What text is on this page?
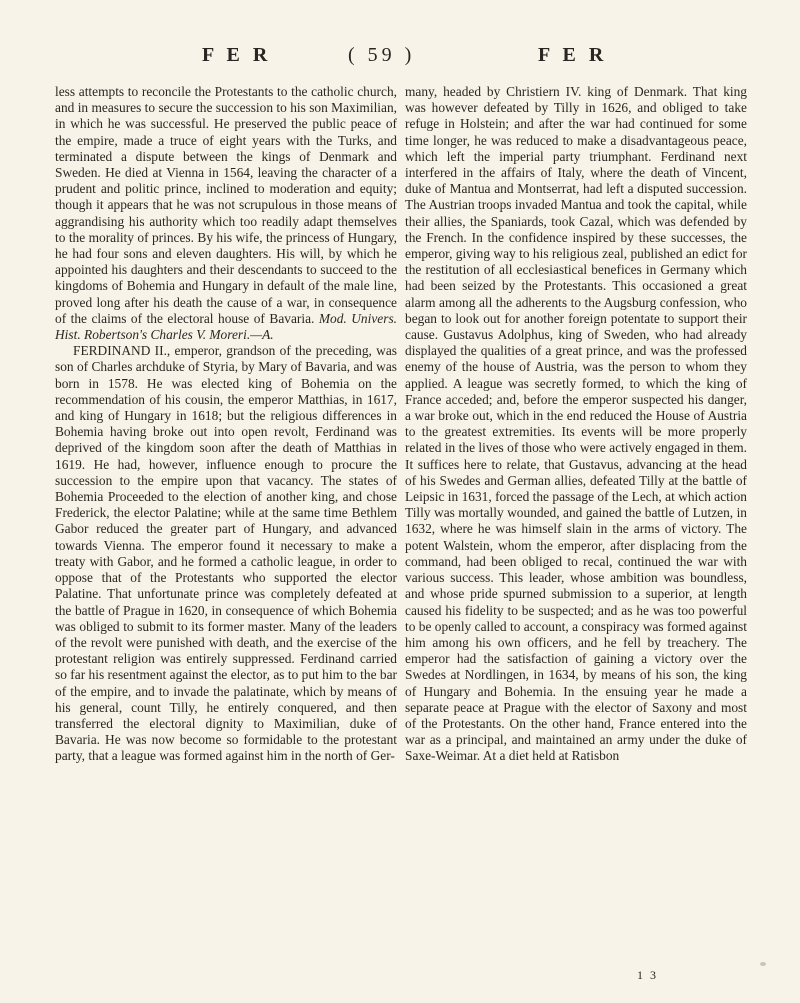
F E R	( 59 )	F E R

less attempts to reconcile the Protestants to the catholic church, and in measures to secure the succession to his son Maximilian, in which he was successful. He preserved the public peace of the empire, made a truce of eight years with the Turks, and terminated a dispute between the kings of Denmark and Sweden. He died at Vienna in 1564, leaving the character of a prudent and politic prince, inclined to moderation and equity; though it appears that he was not scrupulous in those means of aggrandising his authority which too readily adapt themselves to the morality of princes. By his wife, the princess of Hungary, he had four sons and eleven daughters. His will, by which he appointed his daughters and their descendants to succeed to the kingdoms of Bohemia and Hungary in default of the male line, proved long after his death the cause of a war, in consequence of the claims of the electoral house of Bavaria. Mod. Univers. Hist. Robertson's Charles V. Moreri.—A.

FERDINAND II., emperor, grandson of the preceding, was son of Charles archduke of Styria, by Mary of Bavaria, and was born in 1578. He was elected king of Bohemia on the recommendation of his cousin, the emperor Matthias, in 1617, and king of Hungary in 1618; but the religious differences in Bohemia having broke out into open revolt, Ferdinand was deprived of the kingdom soon after the death of Matthias in 1619. He had, however, influence enough to procure the succession to the empire upon that vacancy. The states of Bohemia Proceeded to the election of another king, and chose Frederick, the elector Palatine; while at the same time Bethlem Gabor reduced the greater part of Hungary, and advanced towards Vienna. The emperor found it necessary to make a treaty with Gabor, and he formed a catholic league, in order to oppose that of the Protestants who supported the elector Palatine. That unfortunate prince was completely defeated at the battle of Prague in 1620, in consequence of which Bohemia was obliged to submit to its former master. Many of the leaders of the revolt were punished with death, and the exercise of the protestant religion was entirely suppressed. Ferdinand carried so far his resentment against the elector, as to put him to the bar of the empire, and to invade the palatinate, which by means of his general, count Tilly, he entirely conquered, and then transferred the electoral dignity to Maximilian, duke of Bavaria. He was now become so formidable to the protestant party, that a league was formed against him in the north of Ger-

many, headed by Christiern IV. king of Denmark. That king was however defeated by Tilly in 1626, and obliged to take refuge in Holstein; and after the war had continued for some time longer, he was reduced to make a disadvantageous peace, which left the imperial party triumphant. Ferdinand next interfered in the affairs of Italy, where the death of Vincent, duke of Mantua and Montserrat, had left a disputed succession. The Austrian troops invaded Mantua and took the capital, while their allies, the Spaniards, took Cazal, which was defended by the French. In the confidence inspired by these successes, the emperor, giving way to his religious zeal, published an edict for the restitution of all ecclesiastical benefices in Germany which had been seized by the Protestants. This occasioned a great alarm among all the adherents to the Augsburg confession, who began to look out for another foreign potentate to support their cause. Gustavus Adolphus, king of Sweden, who had already displayed the qualities of a great prince, and was the professed enemy of the house of Austria, was the person to whom they applied. A league was secretly formed, to which the king of France acceded; and, before the emperor suspected his danger, a war broke out, which in the end reduced the House of Austria to the greatest extremities. Its events will be more properly related in the lives of those who were actively engaged in them. It suffices here to relate, that Gustavus, advancing at the head of his Swedes and German allies, defeated Tilly at the battle of Leipsic in 1631, forced the passage of the Lech, at which action Tilly was mortally wounded, and gained the battle of Lutzen, in 1632, where he was himself slain in the arms of victory. The potent Walstein, whom the emperor, after displacing from the command, had been obliged to recal, continued the war with various success. This leader, whose ambition was boundless, and whose pride spurned submission to a superior, at length caused his fidelity to be suspected; and as he was too powerful to be openly called to account, a conspiracy was formed against him among his own officers, and he fell by treachery. The emperor had the satisfaction of gaining a victory over the Swedes at Nordlingen, in 1634, by means of his son, the king of Hungary and Bohemia. In the ensuing year he made a separate peace at Prague with the elector of Saxony and most of the Protestants. On the other hand, France entered into the war as a principal, and maintained an army under the duke of Saxe-Weimar. At a diet held at Ratisbon

1 3
